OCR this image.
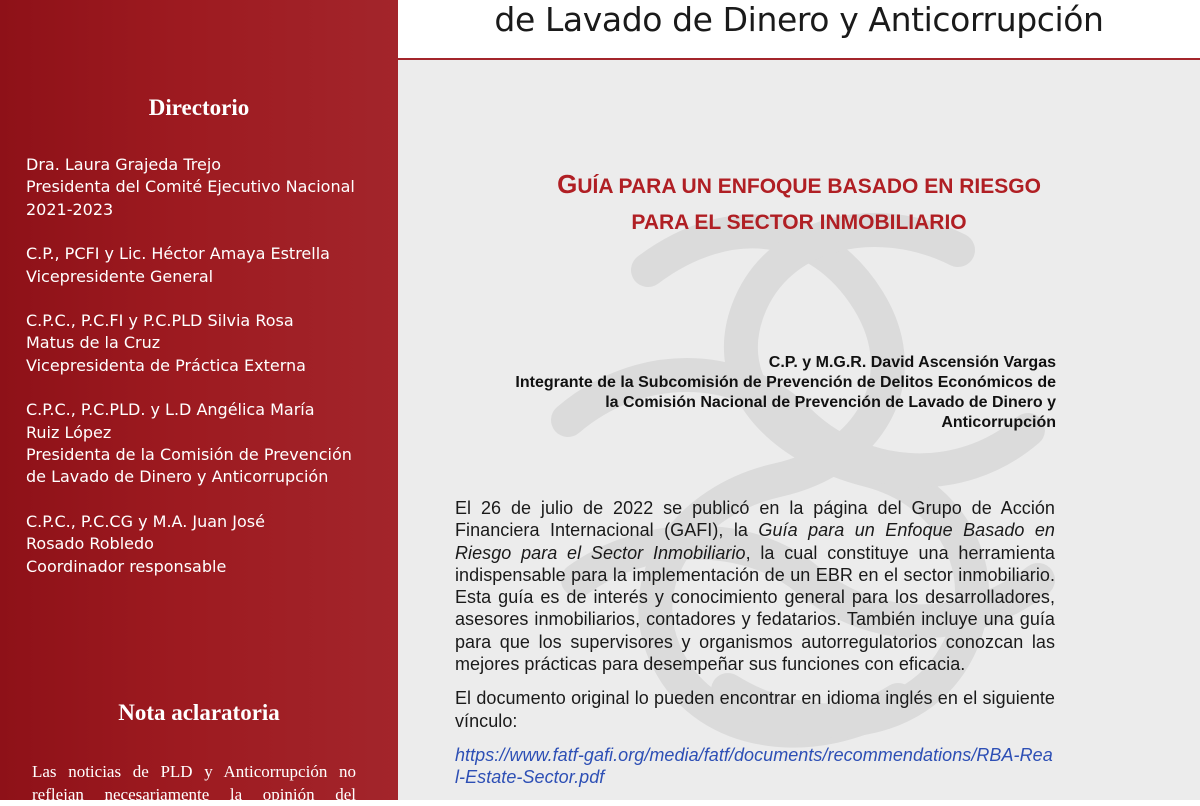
Directorio
Dra. Laura Grajeda Trejo
Presidenta del Comité Ejecutivo Nacional
2021-2023
C.P., PCFI y Lic. Héctor Amaya Estrella
Vicepresidente General
C.P.C., P.C.FI y P.C.PLD Silvia Rosa
Matus de la Cruz
Vicepresidenta de Práctica Externa
C.P.C., P.C.PLD. y L.D Angélica María
Ruiz López
Presidenta de la Comisión de Prevención
de Lavado de Dinero y Anticorrupción
C.P.C., P.C.CG y M.A. Juan José
Rosado Robledo
Coordinador responsable
Nota aclaratoria
Las noticias de PLD y Anticorrupción no reflejan necesariamente la opinión del
de Lavado de Dinero y Anticorrupción
GUÍA PARA UN ENFOQUE BASADO EN RIESGO
PARA EL SECTOR INMOBILIARIO
C.P. y M.G.R. David Ascensión Vargas
Integrante de la Subcomisión de Prevención de Delitos Económicos de
la Comisión Nacional de Prevención de Lavado de Dinero y
Anticorrupción

El 26 de julio de 2022 se publicó en la página del Grupo de Acción Financiera Internacional (GAFI), la Guía para un Enfoque Basado en Riesgo para el Sector Inmobiliario, la cual constituye una herramienta indispensable para la implementación de un EBR en el sector inmobiliario. Esta guía es de interés y conocimiento general para los desarrolladores, asesores inmobiliarios, contadores y fedatarios. También incluye una guía para que los supervisores y organismos autorregulatorios conozcan las mejores prácticas para desempeñar sus funciones con eficacia.

El documento original lo pueden encontrar en idioma inglés en el siguiente vínculo:

https://www.fatf-gafi.org/media/fatf/documents/recommendations/RBA-Real-Estate-Sector.pdf
